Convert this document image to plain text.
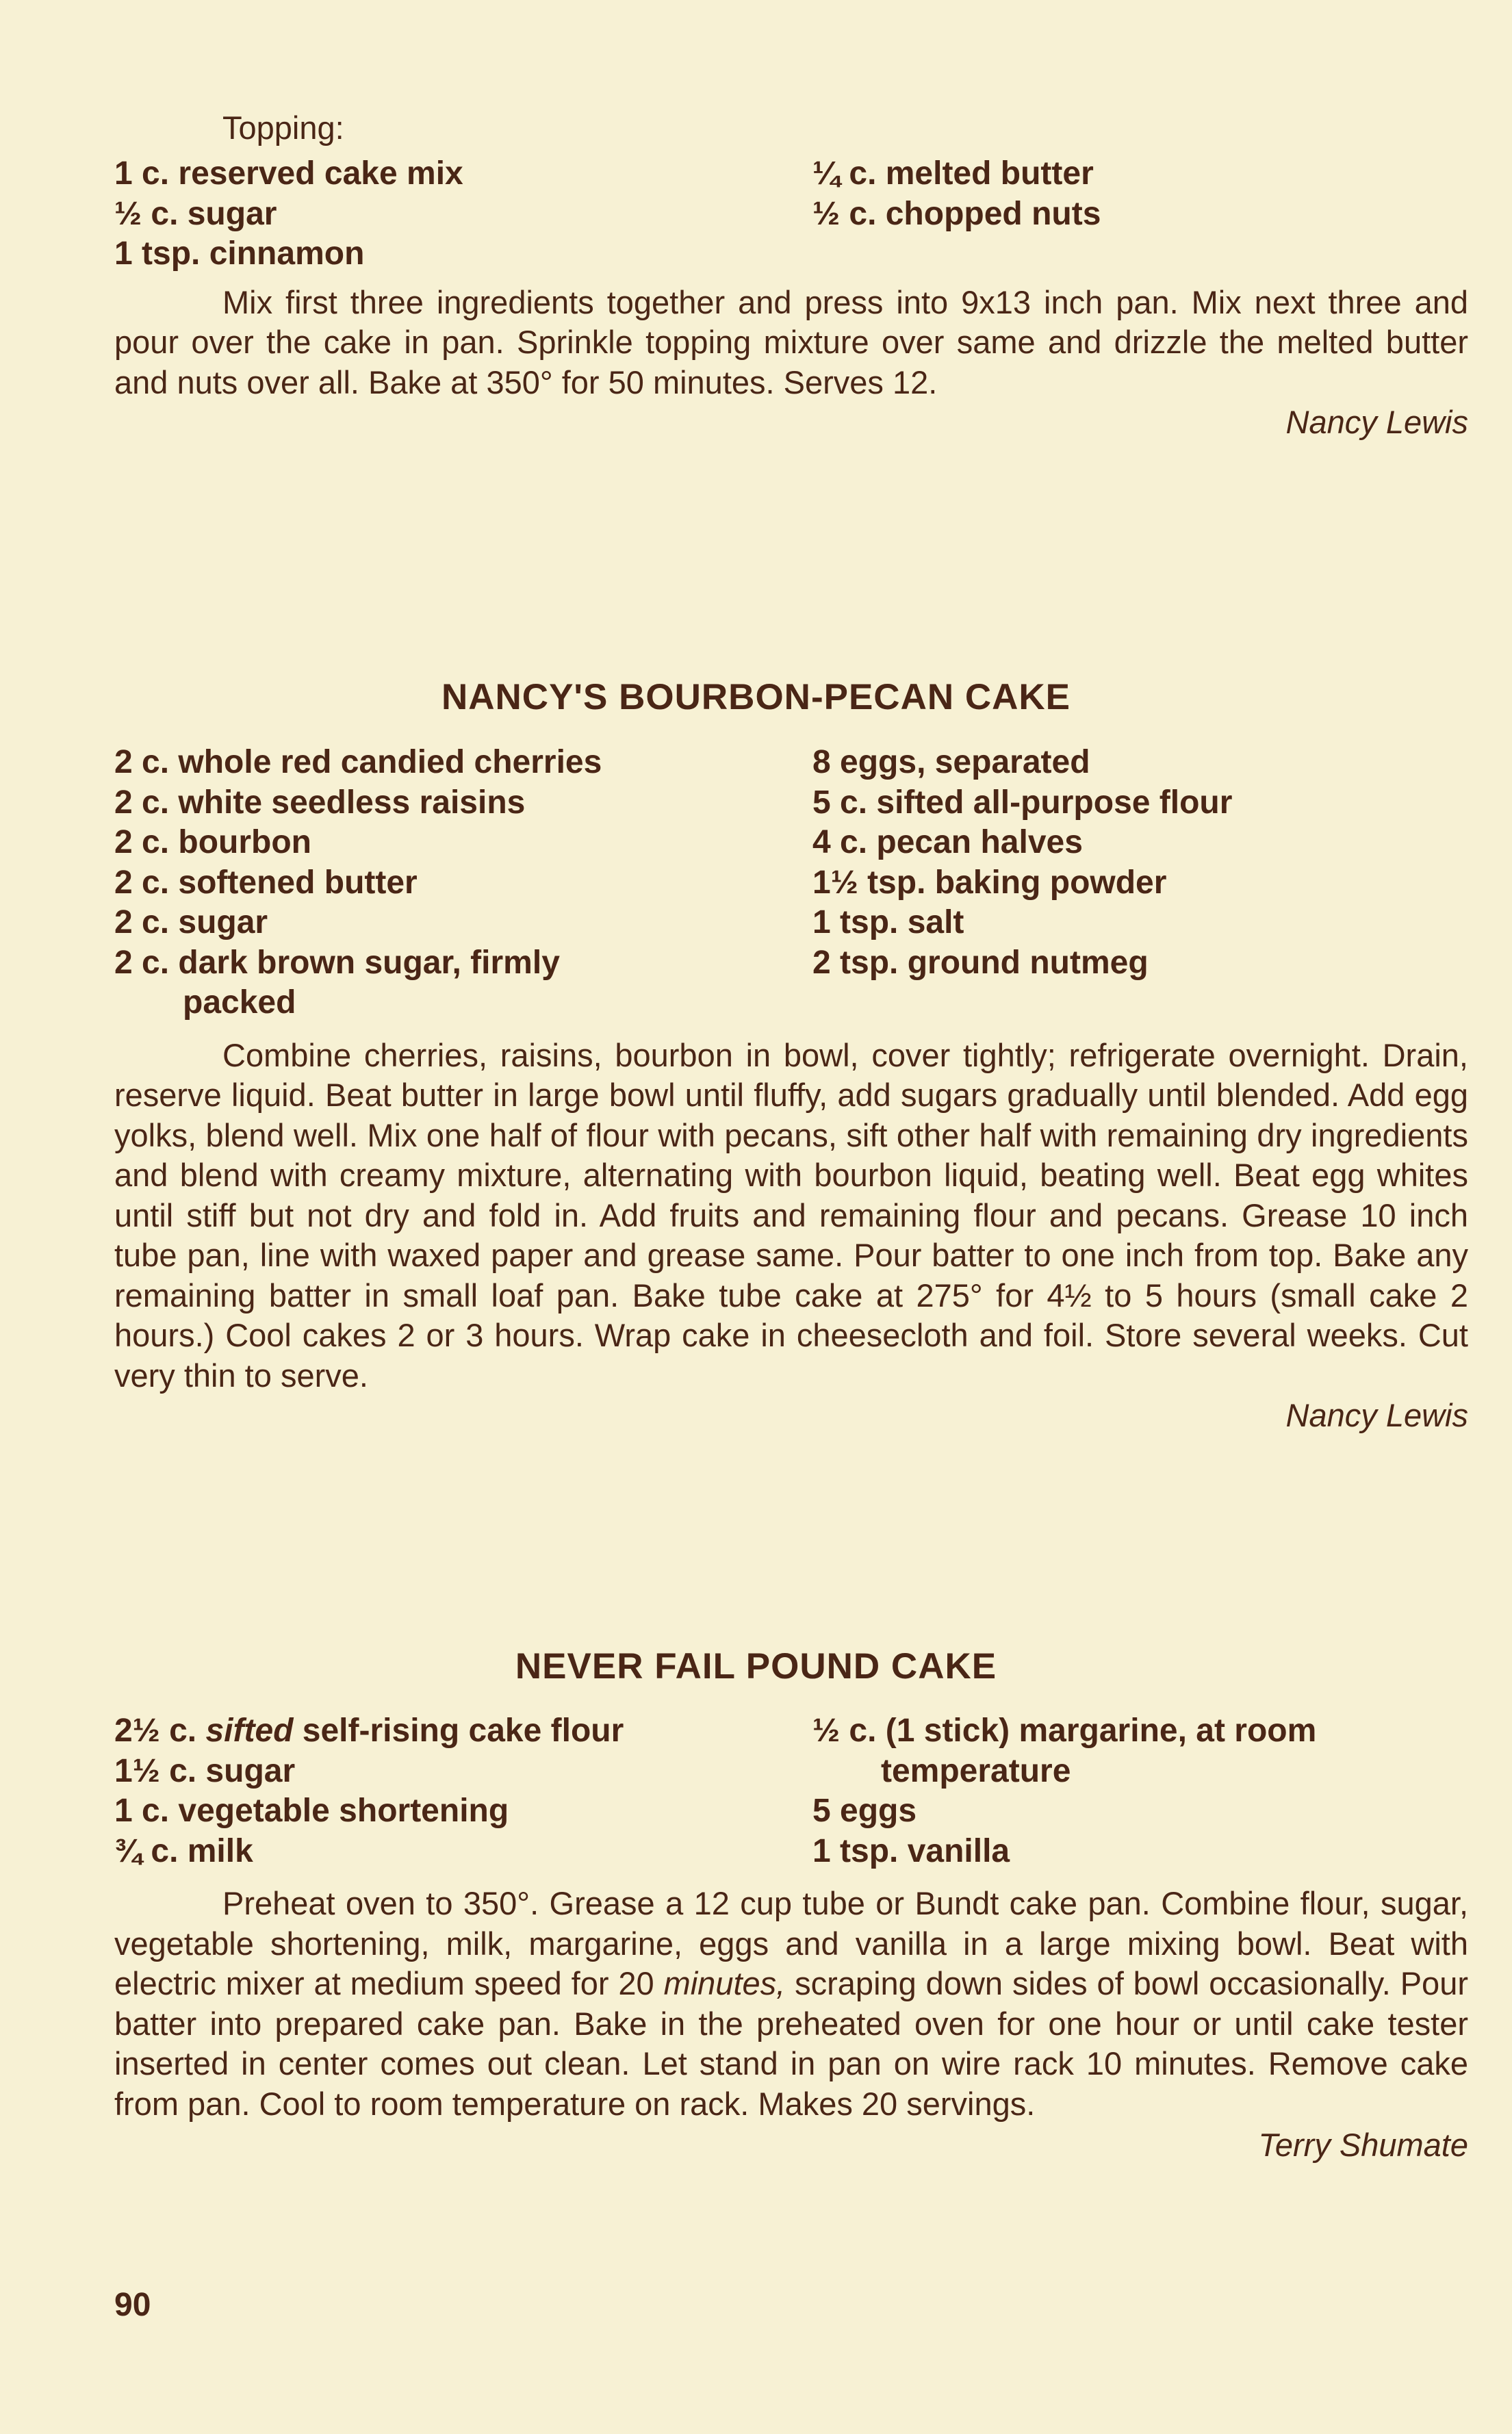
Topping:
1 c. reserved cake mix
½ c. sugar
1 tsp. cinnamon
¼ c. melted butter
½ c. chopped nuts
Mix first three ingredients together and press into 9x13 inch pan. Mix next three and pour over the cake in pan. Sprinkle topping mixture over same and drizzle the melted butter and nuts over all. Bake at 350° for 50 minutes. Serves 12.
Nancy Lewis
NANCY'S BOURBON-PECAN CAKE
2 c. whole red candied cherries
2 c. white seedless raisins
2 c. bourbon
2 c. softened butter
2 c. sugar
2 c. dark brown sugar, firmly
packed
8 eggs, separated
5 c. sifted all-purpose flour
4 c. pecan halves
1½ tsp. baking powder
1 tsp. salt
2 tsp. ground nutmeg
Combine cherries, raisins, bourbon in bowl, cover tightly; refrigerate overnight. Drain, reserve liquid. Beat butter in large bowl until fluffy, add sugars gradually until blended. Add egg yolks, blend well. Mix one half of flour with pecans, sift other half with remaining dry ingredients and blend with creamy mixture, alternating with bourbon liquid, beating well. Beat egg whites until stiff but not dry and fold in. Add fruits and remaining flour and pecans. Grease 10 inch tube pan, line with waxed paper and grease same. Pour batter to one inch from top. Bake any remaining batter in small loaf pan. Bake tube cake at 275° for 4½ to 5 hours (small cake 2 hours.) Cool cakes 2 or 3 hours. Wrap cake in cheesecloth and foil. Store several weeks. Cut very thin to serve.
Nancy Lewis
NEVER FAIL POUND CAKE
2½ c. sifted self-rising cake flour
1½ c. sugar
1 c. vegetable shortening
¾ c. milk
½ c. (1 stick) margarine, at room
temperature
5 eggs
1 tsp. vanilla
Preheat oven to 350°. Grease a 12 cup tube or Bundt cake pan. Combine flour, sugar, vegetable shortening, milk, margarine, eggs and vanilla in a large mixing bowl. Beat with electric mixer at medium speed for 20 minutes, scraping down sides of bowl occasionally. Pour batter into prepared cake pan. Bake in the preheated oven for one hour or until cake tester inserted in center comes out clean. Let stand in pan on wire rack 10 minutes. Remove cake from pan. Cool to room temperature on rack. Makes 20 servings.
Terry Shumate
90
